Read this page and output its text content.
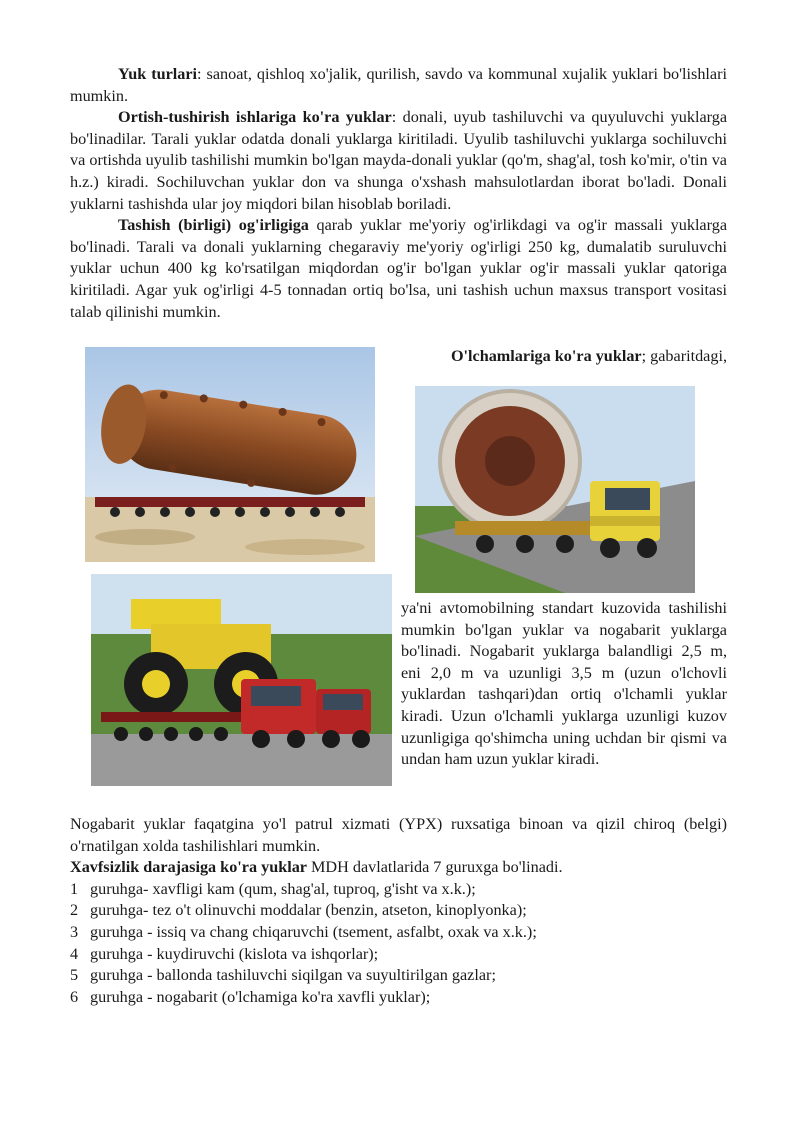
Yuk turlari: sanoat, qishloq xo'jalik, qurilish, savdo va kommunal xujalik yuklari bo'lishlari mumkin.

Ortish-tushirish ishlariga ko'ra yuklar: donali, uyub tashiluvchi va quyuluvchi yuklarga bo'linadilar. Tarali yuklar odatda donali yuklarga kiritiladi. Uyulib tashiluvchi yuklarga sochiluvchi va ortishda uyulib tashilishi mumkin bo'lgan mayda-donali yuklar (qo'm, shag'al, tosh ko'mir, o'tin va h.z.) kiradi. Sochiluvchan yuklar don va shunga o'xshash mahsulotlardan iborat bo'ladi. Donali yuklarni tashishda ular joy miqdori bilan hisoblab boriladi.

Tashish (birligi) og'irligiga qarab yuklar me'yoriy og'irlikdagi va og'ir massali yuklarga bo'linadi. Tarali va donali yuklarning chegaraviy me'yoriy og'irligi 250 kg, dumalatib suruluvchi yuklar uchun 400 kg ko'rsatilgan miqdordan og'ir bo'lgan yuklar og'ir massali yuklar qatoriga kiritiladi. Agar yuk og'irligi 4-5 tonnadan ortiq bo'lsa, uni tashish uchun maxsus transport vositasi talab qilinishi mumkin.

O'lchamlariga ko'ra yuklar; gabaritdagi,

ya'ni avtomobilning standart kuzovida tashilishi mumkin bo'lgan yuklar va nogabarit yuklarga bo'linadi. Nogabarit yuklarga balandligi 2,5 m, eni 2,0 m va uzunligi 3,5 m (uzun o'lchovli yuklardan tashqari)dan ortiq o'lchamli yuklar kiradi. Uzun o'lchamli yuklarga uzunligi kuzov uzunligiga qo'shimcha uning uchdan bir qismi va undan ham uzun yuklar kiradi.

Nogabarit yuklar faqatgina yo'l patrul xizmati (YPX) ruxsatiga binoan va qizil chiroq (belgi) o'rnatilgan xolda tashilishlari mumkin.

Xavfsizlik darajasiga ko'ra yuklar MDH davlatlarida 7 guruxga bo'linadi.

1 guruhga- xavfligi kam (qum, shag'al, tuproq, g'isht va x.k.);
2 guruhga- tez o't olinuvchi moddalar (benzin, atseton, kinoplyonka);
3 guruhga - issiq va chang chiqaruvchi (tsement, asfalbt, oxak va x.k.);
4 guruhga - kuydiruvchi (kislota va ishqorlar);
5 guruhga - ballonda tashiluvchi siqilgan va suyultirilgan gazlar;
6 guruhga - nogabarit (o'lchamiga ko'ra xavfli yuklar);
